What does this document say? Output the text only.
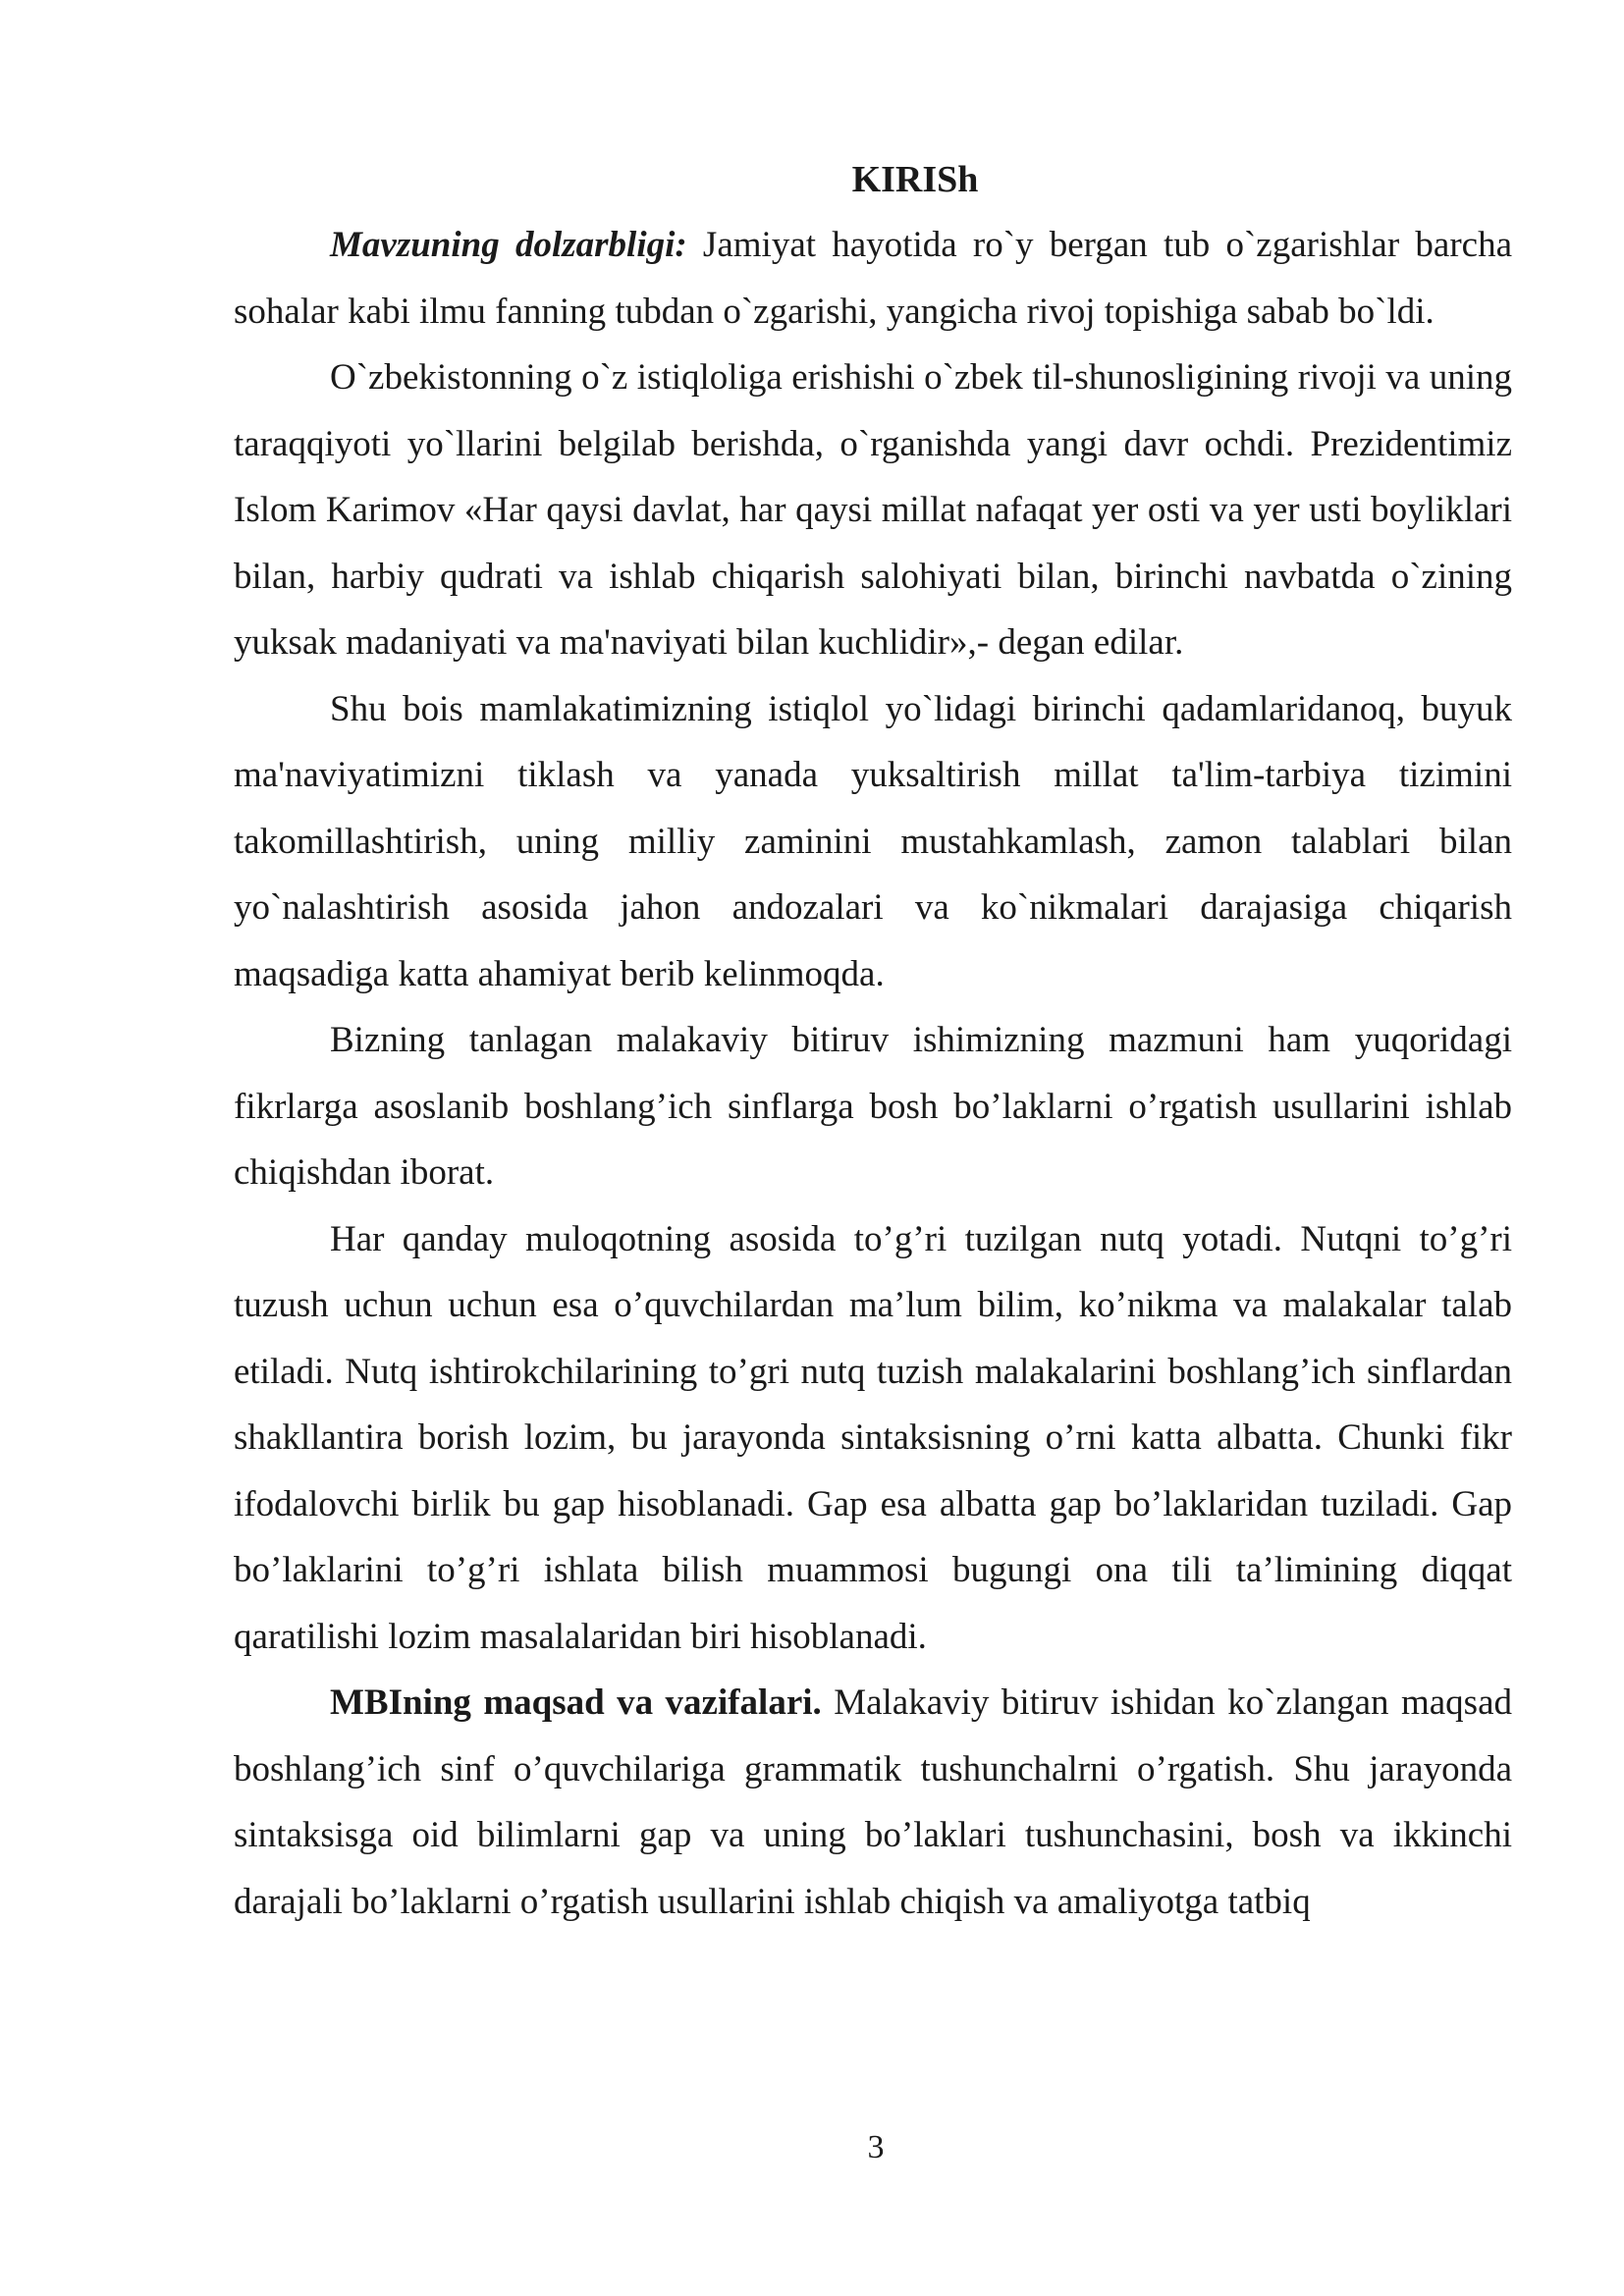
KIRISh

Mavzuning dolzarbligi: Jamiyat hayotida ro`y bergan tub o`zgarishlar barcha sohalar kabi ilmu fanning tubdan o`zgarishi, yangicha rivoj topishiga sabab bo`ldi.

O`zbekistonning o`z istiqloliga erishishi o`zbek til-shunosligining rivoji va uning taraqqiyoti yo`llarini belgilab berishda, o`rganishda yangi davr ochdi. Prezidentimiz Islom Karimov «Har qaysi davlat, har qaysi millat nafaqat yer osti va yer usti boyliklari bilan, harbiy qudrati va ishlab chiqarish salohiyati bilan, birinchi navbatda o`zining yuksak madaniyati va ma'naviyati bilan kuchlidir»,- degan edilar.

Shu bois mamlakatimizning istiqlol yo`lidagi birinchi qadamlaridanoq, buyuk ma'naviyatimizni tiklash va yanada yuksaltirish millat ta'lim-tarbiya tizimini takomillashtirish, uning milliy zaminini mustahkamlash, zamon talablari bilan yo`nalashtirish asosida jahon andozalari va ko`nikmalari darajasiga chiqarish maqsadiga katta ahamiyat berib kelinmoqda.

Bizning tanlagan malakaviy bitiruv ishimizning mazmuni ham yuqoridagi fikrlarga asoslanib boshlang’ich sinflarga bosh bo’laklarni o’rgatish usullarini ishlab chiqishdan iborat.

Har qanday muloqotning asosida to’g’ri tuzilgan nutq yotadi. Nutqni to’g’ri tuzush uchun uchun esa o’quvchilardan ma’lum bilim, ko’nikma va malakalar talab etiladi. Nutq ishtirokchilarining to’gri nutq tuzish malakalarini boshlang’ich sinflardan shakllantira borish lozim, bu jarayonda sintaksisning o’rni katta albatta. Chunki fikr ifodalovchi birlik bu gap hisoblanadi. Gap esa albatta gap bo’laklaridan tuziladi. Gap bo’laklarini to’g’ri ishlata bilish muammosi bugungi ona tili ta’limining diqqat qaratilishi lozim masalalaridan biri hisoblanadi.

MBIning maqsad va vazifalari. Malakaviy bitiruv ishidan ko`zlangan maqsad boshlang’ich sinf o’quvchilariga grammatik tushunchalrni o’rgatish. Shu jarayonda sintaksisga oid bilimlarni gap va uning bo’laklari tushunchasini, bosh va ikkinchi darajali bo’laklarni o’rgatish usullarini ishlab chiqish va amaliyotga tatbiq

3
